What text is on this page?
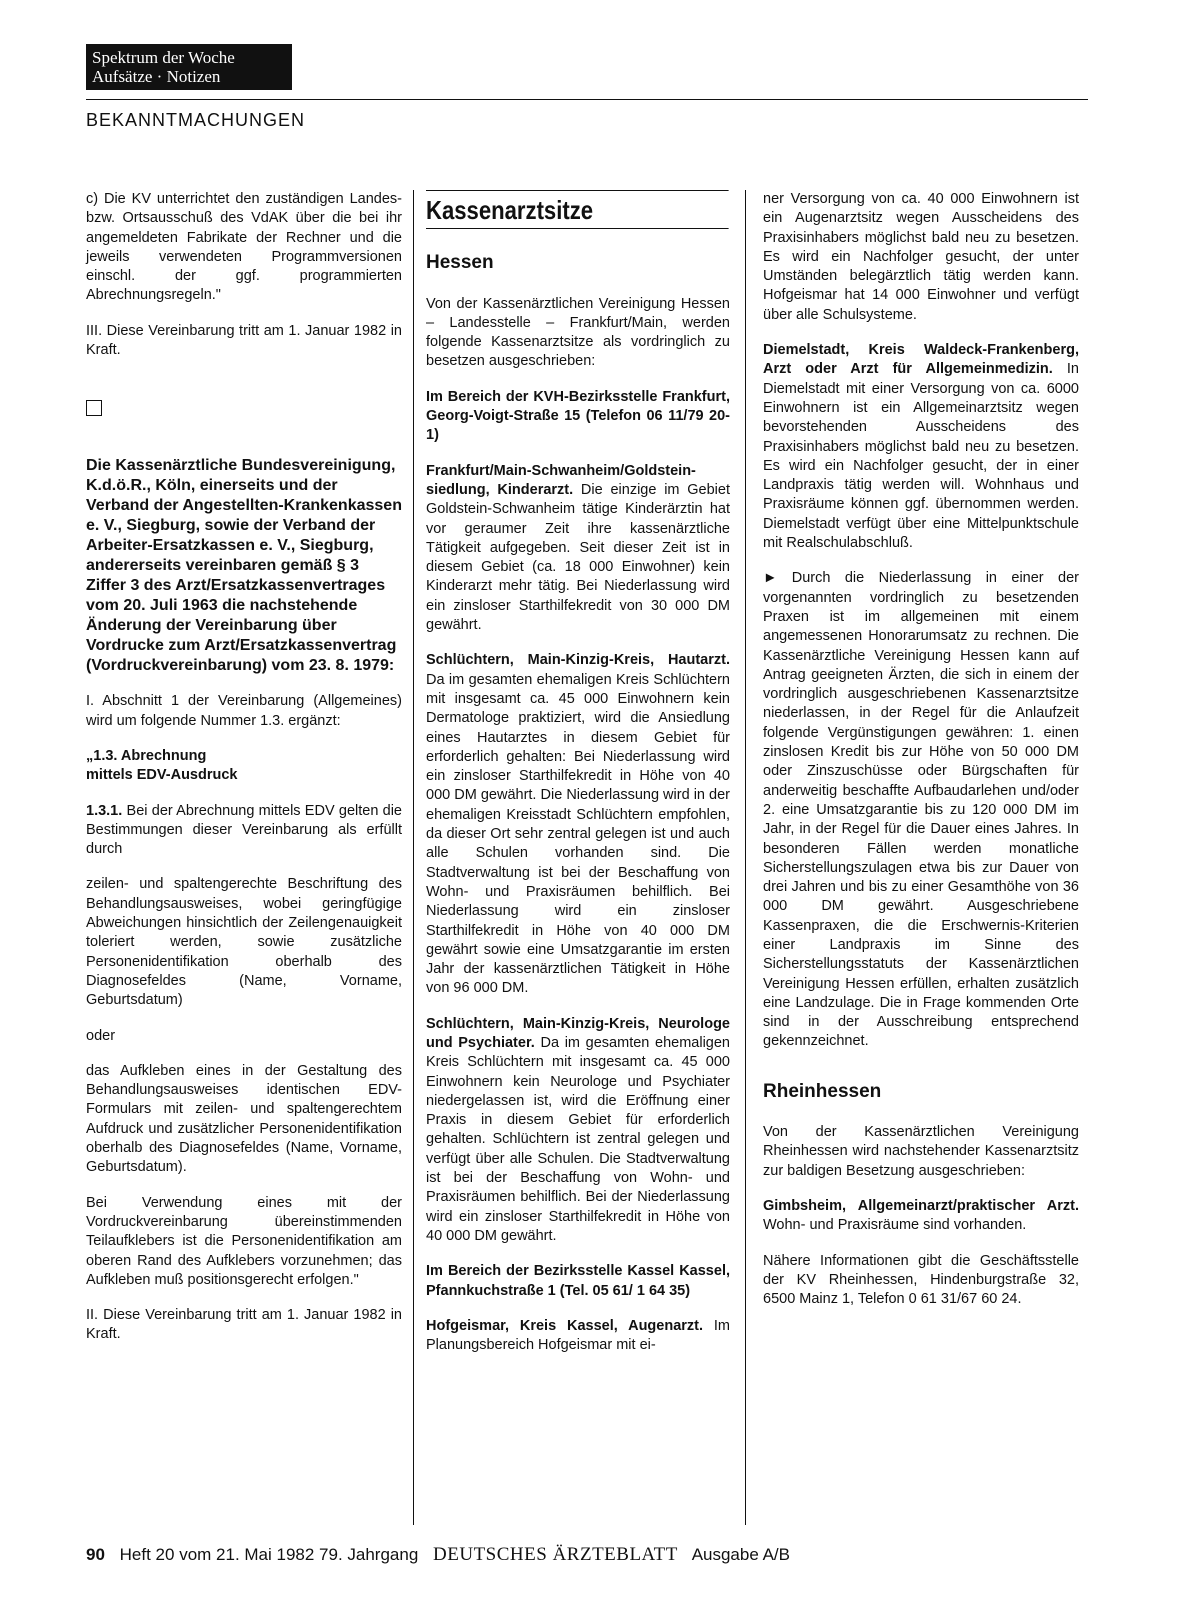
Spektrum der Woche
Aufsätze · Notizen
BEKANNTMACHUNGEN

c) Die KV unterrichtet den zuständigen Landes- bzw. Ortsausschuß des VdAK über die bei ihr angemeldeten Fabrikate der Rechner und die jeweils verwendeten Programmversionen einschl. der ggf. programmierten Abrechnungsregeln."

III. Diese Vereinbarung tritt am 1. Januar 1982 in Kraft.

Die Kassenärztliche Bundesvereinigung, K.d.ö.R., Köln, einerseits und der Verband der Angestellten-Krankenkassen e. V., Siegburg, sowie der Verband der Arbeiter-Ersatzkassen e. V., Siegburg, andererseits vereinbaren gemäß § 3 Ziffer 3 des Arzt/Ersatzkassenvertrages vom 20. Juli 1963 die nachstehende Änderung der Vereinbarung über Vordrucke zum Arzt/Ersatzkassenvertrag (Vordruckvereinbarung) vom 23. 8. 1979:

I. Abschnitt 1 der Vereinbarung (Allgemeines) wird um folgende Nummer 1.3. ergänzt:

„1.3. Abrechnung
mittels EDV-Ausdruck

1.3.1. Bei der Abrechnung mittels EDV gelten die Bestimmungen dieser Vereinbarung als erfüllt durch

zeilen- und spaltengerechte Beschriftung des Behandlungsausweises, wobei geringfügige Abweichungen hinsichtlich der Zeilengenauigkeit toleriert werden, sowie zusätzliche Personenidentifikation oberhalb des Diagnosefeldes (Name, Vorname, Geburtsdatum)

oder

das Aufkleben eines in der Gestaltung des Behandlungsausweises identischen EDV-Formulars mit zeilen- und spaltengerechtem Aufdruck und zusätzlicher Personenidentifikation oberhalb des Diagnosefeldes (Name, Vorname, Geburtsdatum).

Bei Verwendung eines mit der Vordruckvereinbarung übereinstimmenden Teilaufklebers ist die Personenidentifikation am oberen Rand des Aufklebers vorzunehmen; das Aufkleben muß positionsgerecht erfolgen."

II. Diese Vereinbarung tritt am 1. Januar 1982 in Kraft.

Kassenarztsitze
Hessen

Von der Kassenärztlichen Vereinigung Hessen – Landesstelle – Frankfurt/Main, werden folgende Kassenarztsitze als vordringlich zu besetzen ausgeschrieben:

Im Bereich der KVH-Bezirksstelle Frankfurt, Georg-Voigt-Straße 15 (Telefon 06 11/79 20-1)

Frankfurt/Main-Schwanheim/Goldstein-siedlung, Kinderarzt. Die einzige im Gebiet Goldstein-Schwanheim tätige Kinderärztin hat vor geraumer Zeit ihre kassenärztliche Tätigkeit aufgegeben. Seit dieser Zeit ist in diesem Gebiet (ca. 18 000 Einwohner) kein Kinderarzt mehr tätig. Bei Niederlassung wird ein zinsloser Starthilfekredit von 30 000 DM gewährt.

Schlüchtern, Main-Kinzig-Kreis, Hautarzt. Da im gesamten ehemaligen Kreis Schlüchtern mit insgesamt ca. 45 000 Einwohnern kein Dermatologe praktiziert, wird die Ansiedlung eines Hautarztes in diesem Gebiet für erforderlich gehalten: Bei Niederlassung wird ein zinsloser Starthilfekredit in Höhe von 40 000 DM gewährt. Die Niederlassung wird in der ehemaligen Kreisstadt Schlüchtern empfohlen, da dieser Ort sehr zentral gelegen ist und auch alle Schulen vorhanden sind. Die Stadtverwaltung ist bei der Beschaffung von Wohn- und Praxisräumen behilflich. Bei Niederlassung wird ein zinsloser Starthilfekredit in Höhe von 40 000 DM gewährt sowie eine Umsatzgarantie im ersten Jahr der kassenärztlichen Tätigkeit in Höhe von 96 000 DM.

Schlüchtern, Main-Kinzig-Kreis, Neurologe und Psychiater. Da im gesamten ehemaligen Kreis Schlüchtern mit insgesamt ca. 45 000 Einwohnern kein Neurologe und Psychiater niedergelassen ist, wird die Eröffnung einer Praxis in diesem Gebiet für erforderlich gehalten. Schlüchtern ist zentral gelegen und verfügt über alle Schulen. Die Stadtverwaltung ist bei der Beschaffung von Wohn- und Praxisräumen behilflich. Bei der Niederlassung wird ein zinsloser Starthilfekredit in Höhe von 40 000 DM gewährt.

Im Bereich der Bezirksstelle Kassel Kassel, Pfannkuchstraße 1 (Tel. 05 61/ 1 64 35)

Hofgeismar, Kreis Kassel, Augenarzt. Im Planungsbereich Hofgeismar mit ei-

ner Versorgung von ca. 40 000 Einwohnern ist ein Augenarztsitz wegen Ausscheidens des Praxisinhabers möglichst bald neu zu besetzen. Es wird ein Nachfolger gesucht, der unter Umständen belegärztlich tätig werden kann. Hofgeismar hat 14 000 Einwohner und verfügt über alle Schulsysteme.

Diemelstadt, Kreis Waldeck-Frankenberg, Arzt oder Arzt für Allgemeinmedizin. In Diemelstadt mit einer Versorgung von ca. 6000 Einwohnern ist ein Allgemeinarztsitz wegen bevorstehenden Ausscheidens des Praxisinhabers möglichst bald neu zu besetzen. Es wird ein Nachfolger gesucht, der in einer Landpraxis tätig werden will. Wohnhaus und Praxisräume können ggf. übernommen werden. Diemelstadt verfügt über eine Mittelpunktschule mit Realschulabschluß.

► Durch die Niederlassung in einer der vorgenannten vordringlich zu besetzenden Praxen ist im allgemeinen mit einem angemessenen Honorarumsatz zu rechnen. Die Kassenärztliche Vereinigung Hessen kann auf Antrag geeigneten Ärzten, die sich in einem der vordringlich ausgeschriebenen Kassenarztsitze niederlassen, in der Regel für die Anlaufzeit folgende Vergünstigungen gewähren: 1. einen zinslosen Kredit bis zur Höhe von 50 000 DM oder Zinszuschüsse oder Bürgschaften für anderweitig beschaffte Aufbaudarlehen und/oder 2. eine Umsatzgarantie bis zu 120 000 DM im Jahr, in der Regel für die Dauer eines Jahres. In besonderen Fällen werden monatliche Sicherstellungszulagen etwa bis zur Dauer von drei Jahren und bis zu einer Gesamthöhe von 36 000 DM gewährt. Ausgeschriebene Kassenpraxen, die die Erschwernis-Kriterien einer Landpraxis im Sinne des Sicherstellungsstatuts der Kassenärztlichen Vereinigung Hessen erfüllen, erhalten zusätzlich eine Landzulage. Die in Frage kommenden Orte sind in der Ausschreibung entsprechend gekennzeichnet.

Rheinhessen

Von der Kassenärztlichen Vereinigung Rheinhessen wird nachstehender Kassenarztsitz zur baldigen Besetzung ausgeschrieben:

Gimbsheim, Allgemeinarzt/praktischer Arzt. Wohn- und Praxisräume sind vorhanden.

Nähere Informationen gibt die Geschäftsstelle der KV Rheinhessen, Hindenburgstraße 32, 6500 Mainz 1, Telefon 0 61 31/67 60 24.

90 Heft 20 vom 21. Mai 1982 79. Jahrgang DEUTSCHES ÄRZTEBLATT Ausgabe A/B
